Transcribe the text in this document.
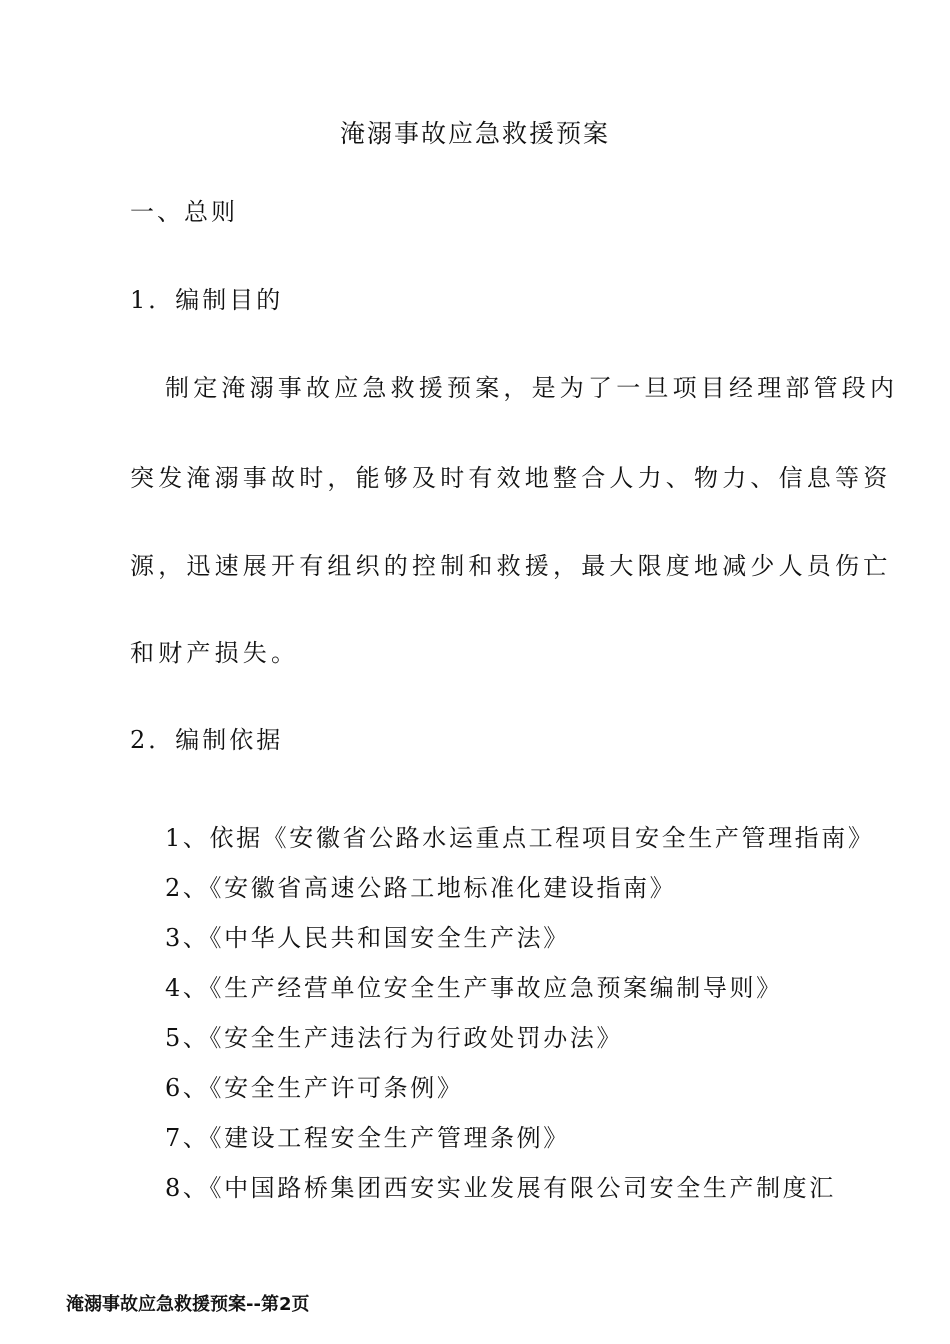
淹溺事故应急救援预案
一、总则
1．编制目的
制定淹溺事故应急救援预案，是为了一旦项目经理部管段内
突发淹溺事故时，能够及时有效地整合人力、物力、信息等资
源，迅速展开有组织的控制和救援，最大限度地减少人员伤亡
和财产损失。
2．编制依据
1、依据《安徽省公路水运重点工程项目安全生产管理指南》
2、《安徽省高速公路工地标准化建设指南》
3、《中华人民共和国安全生产法》
4、《生产经营单位安全生产事故应急预案编制导则》
5、《安全生产违法行为行政处罚办法》
6、《安全生产许可条例》
7、《建设工程安全生产管理条例》
8、《中国路桥集团西安实业发展有限公司安全生产制度汇
淹溺事故应急救援预案--第2页
